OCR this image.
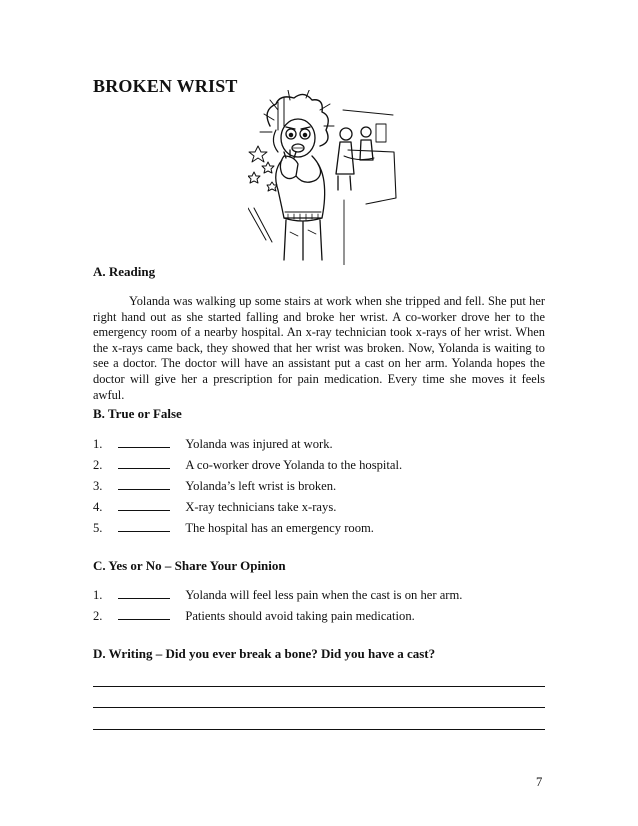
BROKEN WRIST
A. Reading

Yolanda was walking up some stairs at work when she tripped and fell. She put her right hand out as she started falling and broke her wrist. A co-worker drove her to the emergency room of a nearby hospital. An x-ray technician took x-rays of her wrist. When the x-rays came back, they showed that her wrist was broken. Now, Yolanda is waiting to see a doctor. The doctor will have an assistant put a cast on her arm. Yolanda hopes the doctor will give her a prescription for pain medication. Every time she moves it feels awful.

B. True or False
1.	Yolanda was injured at work.
2.	A co-worker drove Yolanda to the hospital.
3.	Yolanda’s left wrist is broken.
4.	X-ray technicians take x-rays.
5.	The hospital has an emergency room.
C. Yes or No – Share Your Opinion
1.	Yolanda will feel less pain when the cast is on her arm.
2.	Patients should avoid taking pain medication.
D. Writing – Did you ever break a bone? Did you have a cast?
7
